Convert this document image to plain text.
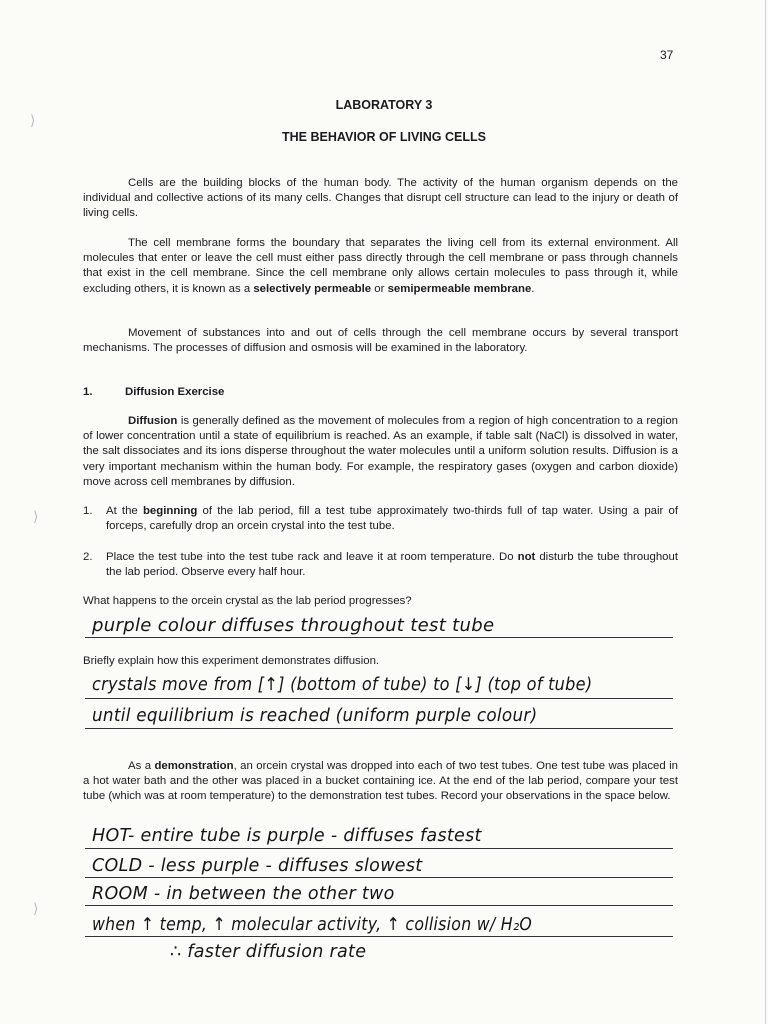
⟩
⟩
⟩
37
LABORATORY 3
THE BEHAVIOR OF LIVING CELLS

Cells are the building blocks of the human body. The activity of the human organism depends on the individual and collective actions of its many cells. Changes that disrupt cell structure can lead to the injury or death of living cells.

The cell membrane forms the boundary that separates the living cell from its external environment. All molecules that enter or leave the cell must either pass directly through the cell membrane or pass through channels that exist in the cell membrane. Since the cell membrane only allows certain molecules to pass through it, while excluding others, it is known as a selectively permeable or semipermeable membrane.

Movement of substances into and out of cells through the cell membrane occurs by several transport mechanisms. The processes of diffusion and osmosis will be examined in the laboratory.

1.	Diffusion Exercise

Diffusion is generally defined as the movement of molecules from a region of high concentration to a region of lower concentration until a state of equilibrium is reached. As an example, if table salt (NaCl) is dissolved in water, the salt dissociates and its ions disperse throughout the water molecules until a uniform solution results. Diffusion is a very important mechanism within the human body. For example, the respiratory gases (oxygen and carbon dioxide) move across cell membranes by diffusion.

1. At the beginning of the lab period, fill a test tube approximately two-thirds full of tap water. Using a pair of forceps, carefully drop an orcein crystal into the test tube.
2. Place the test tube into the test tube rack and leave it at room temperature. Do not disturb the tube throughout the lab period. Observe every half hour.
What happens to the orcein crystal as the lab period progresses?
purple colour diffuses throughout test tube
Briefly explain how this experiment demonstrates diffusion.
crystals move from [↑] (bottom of tube) to [↓] (top of tube)
until equilibrium is reached (uniform purple colour)

As a demonstration, an orcein crystal was dropped into each of two test tubes. One test tube was placed in a hot water bath and the other was placed in a bucket containing ice. At the end of the lab period, compare your test tube (which was at room temperature) to the demonstration test tubes. Record your observations in the space below.

HOT- entire tube is purple - diffuses fastest
COLD - less purple - diffuses slowest
ROOM - in between the other two
when ↑ temp, ↑ molecular activity, ↑ collision w/ H₂O
∴ faster diffusion rate
